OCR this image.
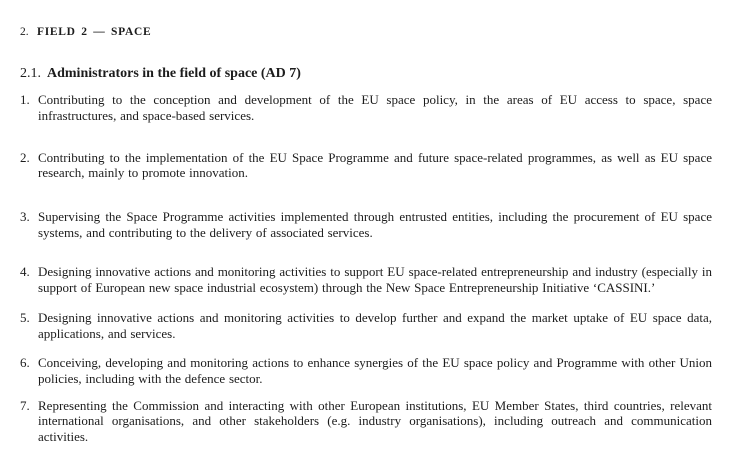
2. FIELD 2 — SPACE
2.1. Administrators in the field of space (AD 7)
1. Contributing to the conception and development of the EU space policy, in the areas of EU access to space, space infrastructures, and space-based services.
2. Contributing to the implementation of the EU Space Programme and future space-related programmes, as well as EU space research, mainly to promote innovation.
3. Supervising the Space Programme activities implemented through entrusted entities, including the procurement of EU space systems, and contributing to the delivery of associated services.
4. Designing innovative actions and monitoring activities to support EU space-related entrepreneurship and industry (especially in support of European new space industrial ecosystem) through the New Space Entrepreneurship Initiative ‘CASSINI.’
5. Designing innovative actions and monitoring activities to develop further and expand the market uptake of EU space data, applications, and services.
6. Conceiving, developing and monitoring actions to enhance synergies of the EU space policy and Programme with other Union policies, including with the defence sector.
7. Representing the Commission and interacting with other European institutions, EU Member States, third countries, relevant international organisations, and other stakeholders (e.g. industry organisations), including outreach and communication activities.
